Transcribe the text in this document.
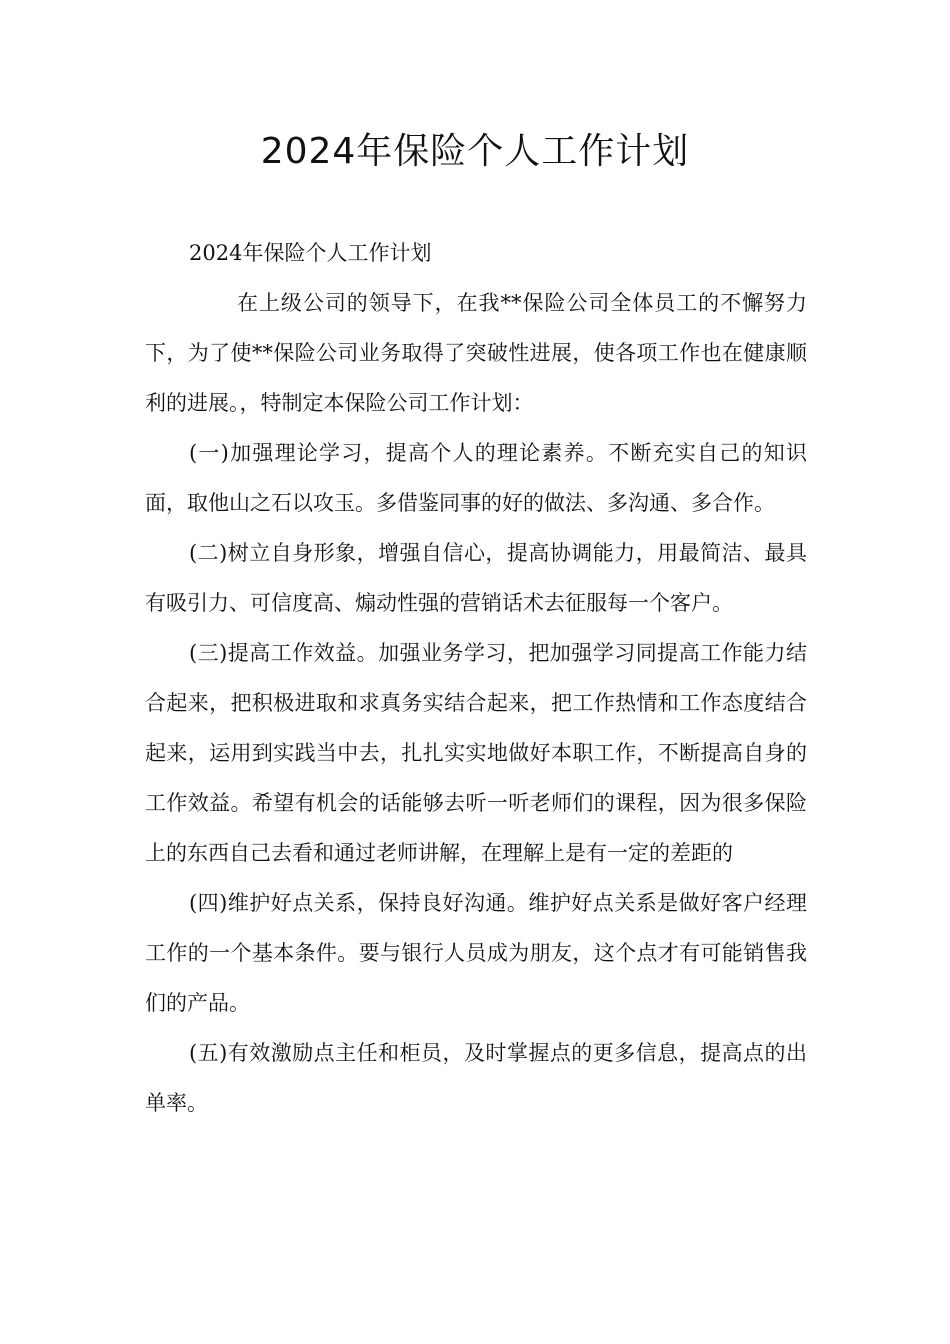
2024年保险个人工作计划

2024年保险个人工作计划

在上级公司的领导下，在我**保险公司全体员工的不懈努力下，为了使**保险公司业务取得了突破性进展，使各项工作也在健康顺利的进展。，特制定本保险公司工作计划：

(一)加强理论学习，提高个人的理论素养。不断充实自己的知识面，取他山之石以攻玉。多借鉴同事的好的做法、多沟通、多合作。

(二)树立自身形象，增强自信心，提高协调能力，用最简洁、最具有吸引力、可信度高、煽动性强的营销话术去征服每一个客户。

(三)提高工作效益。加强业务学习，把加强学习同提高工作能力结合起来，把积极进取和求真务实结合起来，把工作热情和工作态度结合起来，运用到实践当中去，扎扎实实地做好本职工作，不断提高自身的工作效益。希望有机会的话能够去听一听老师们的课程，因为很多保险上的东西自己去看和通过老师讲解，在理解上是有一定的差距的

(四)维护好点关系，保持良好沟通。维护好点关系是做好客户经理工作的一个基本条件。要与银行人员成为朋友，这个点才有可能销售我们的产品。

(五)有效激励点主任和柜员，及时掌握点的更多信息，提高点的出单率。
